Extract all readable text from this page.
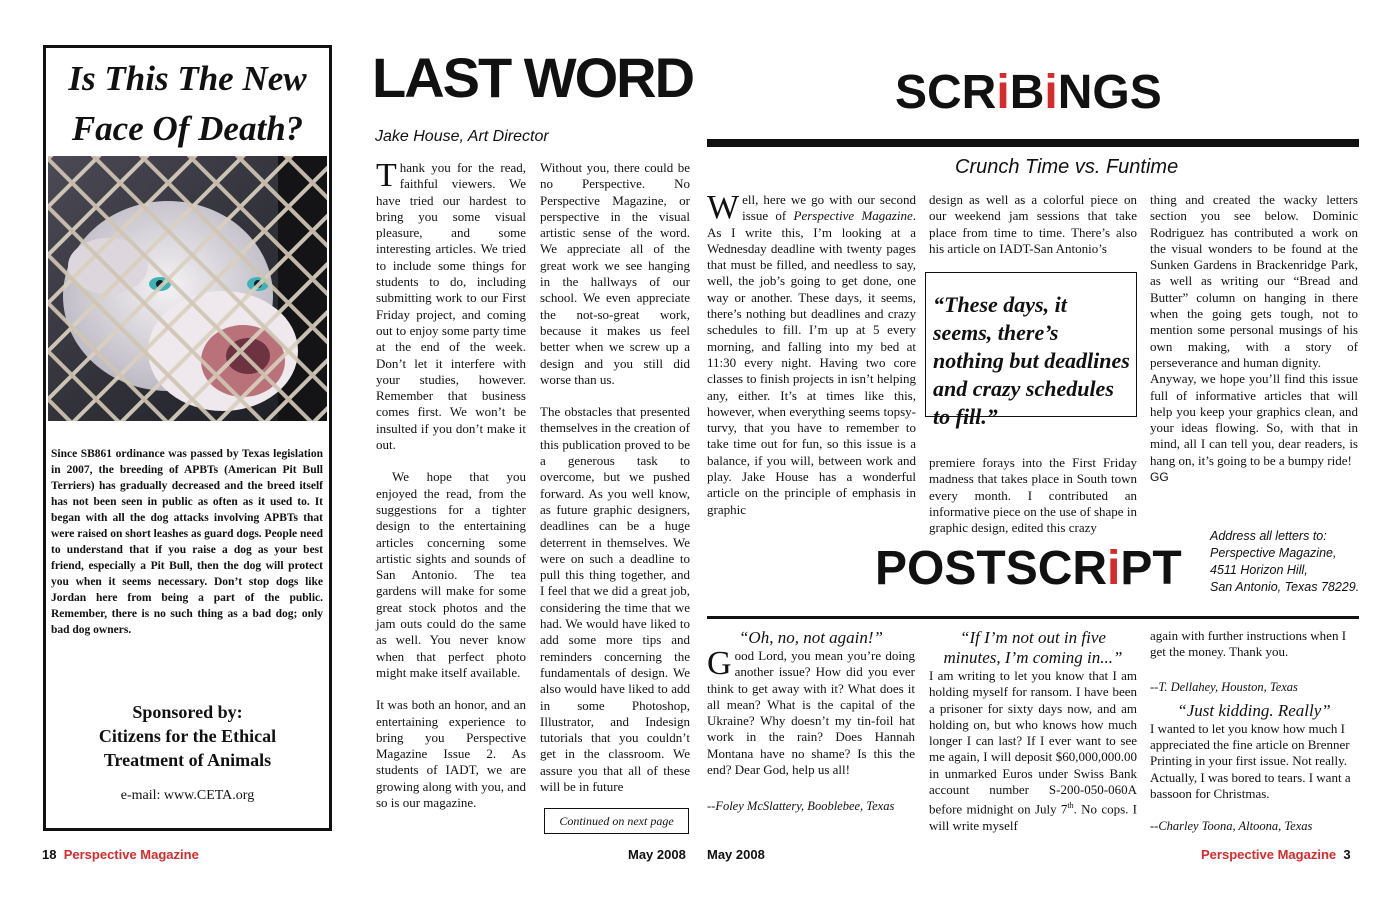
Is This The New
Face Of Death?
Since SB861 ordinance was passed by Texas legislation in 2007, the breeding of APBTs (American Pit Bull Terriers) has gradually decreased and the breed itself has not been seen in public as often as it used to. It began with all the dog attacks involving APBTs that were raised on short leashes as guard dogs. People need to understand that if you raise a dog as your best friend, especially a Pit Bull, then the dog will protect you when it seems necessary. Don’t stop dogs like Jordan here from being a part of the public. Remember, there is no such thing as a bad dog; only bad dog owners.
Sponsored by:
Citizens for the Ethical
Treatment of Animals
e-mail: www.CETA.org
LAST WORD
Jake House, Art Director

Thank you for the read, faithful viewers. We have tried our hardest to bring you some visual pleasure, and some interesting articles. We tried to include some things for students to do, including submitting work to our First Friday project, and coming out to enjoy some party time at the end of the week. Don’t let it interfere with your studies, however. Remember that business comes first. We won’t be insulted if you don’t make it out.

We hope that you enjoyed the read, from the suggestions for a tighter design to the entertaining articles concerning some artistic sights and sounds of San Antonio. The tea gardens will make for some great stock photos and the jam outs could do the same as well. You never know when that perfect photo might make itself available.

It was both an honor, and an entertaining experience to bring you Perspective Magazine Issue 2. As students of IADT, we are growing along with you, and so is our magazine.

Without you, there could be no Perspective. No Perspective Magazine, or perspective in the visual artistic sense of the word. We appreciate all of the great work we see hanging in the hallways of our school. We even appreciate the not-so-great work, because it makes us feel better when we screw up a design and you still did worse than us.

The obstacles that presented themselves in the creation of this publication proved to be a generous task to overcome, but we pushed forward. As you well know, as future graphic designers, deadlines can be a huge deterrent in themselves. We were on such a deadline to pull this thing together, and I feel that we did a great job, considering the time that we had. We would have liked to add some more tips and reminders concerning the fundamentals of design. We also would have liked to add in some Photoshop, Illustrator, and Indesign tutorials that you couldn’t get in the classroom. We assure you that all of these will be in future

Continued on next page
SCRiBiNGS
Crunch Time vs. Funtime

Well, here we go with our second issue of Perspective Magazine. As I write this, I’m looking at a Wednesday deadline with twenty pages that must be filled, and needless to say, well, the job’s going to get done, one way or another. These days, it seems, there’s nothing but deadlines and crazy schedules to fill. I’m up at 5 every morning, and falling into my bed at 11:30 every night. Having two core classes to finish projects in isn’t helping any, either. It’s at times like this, however, when everything seems topsy-turvy, that you have to remember to take time out for fun, so this issue is a balance, if you will, between work and play. Jake House has a wonderful article on the principle of emphasis in graphic

design as well as a colorful piece on our weekend jam sessions that take place from time to time. There’s also his article on IADT-San Antonio’s

premiere forays into the First Friday madness that takes place in South town every month. I contributed an informative piece on the use of shape in graphic design, edited this crazy

“These days, it seems, there’s nothing but deadlines and crazy schedules to fill.”

thing and created the wacky letters section you see below. Dominic Rodriguez has contributed a work on the visual wonders to be found at the Sunken Gardens in Brackenridge Park, as well as writing our “Bread and Butter” column on hanging in there when the going gets tough, not to mention some personal musings of his own making, with a story of perseverance and human dignity.

Anyway, we hope you’ll find this issue full of informative articles that will help you keep your graphics clean, and your ideas flowing. So, with that in mind, all I can tell you, dear readers, is hang on, it’s going to be a bumpy ride!

GG

POSTSCRiPT
Address all letters to:
Perspective Magazine,
4511 Horizon Hill,
San Antonio, Texas 78229.
“Oh, no, not again!”

Good Lord, you mean you’re doing another issue? How did you ever think to get away with it? What does it all mean? What is the capital of the Ukraine? Why doesn’t my tin-foil hat work in the rain? Does Hannah Montana have no shame? Is this the end? Dear God, help us all!

--Foley McSlattery, Booblebee, Texas

“If I’m not out in five
minutes, I’m coming in...”

I am writing to let you know that I am holding myself for ransom. I have been a prisoner for sixty days now, and am holding on, but who knows how much longer I can last? If I ever want to see me again, I will deposit $60,000,000.00 in unmarked Euros under Swiss Bank account number S-200-050-060A before midnight on July 7th. No cops. I will write myself

again with further instructions when I get the money. Thank you.

--T. Dellahey, Houston, Texas

“Just kidding. Really”

I wanted to let you know how much I appreciated the fine article on Brenner Printing in your first issue. Not really. Actually, I was bored to tears. I want a bassoon for Christmas.

--Charley Toona, Altoona, Texas

18 Perspective Magazine	May 2008 May 2008	Perspective Magazine 3
